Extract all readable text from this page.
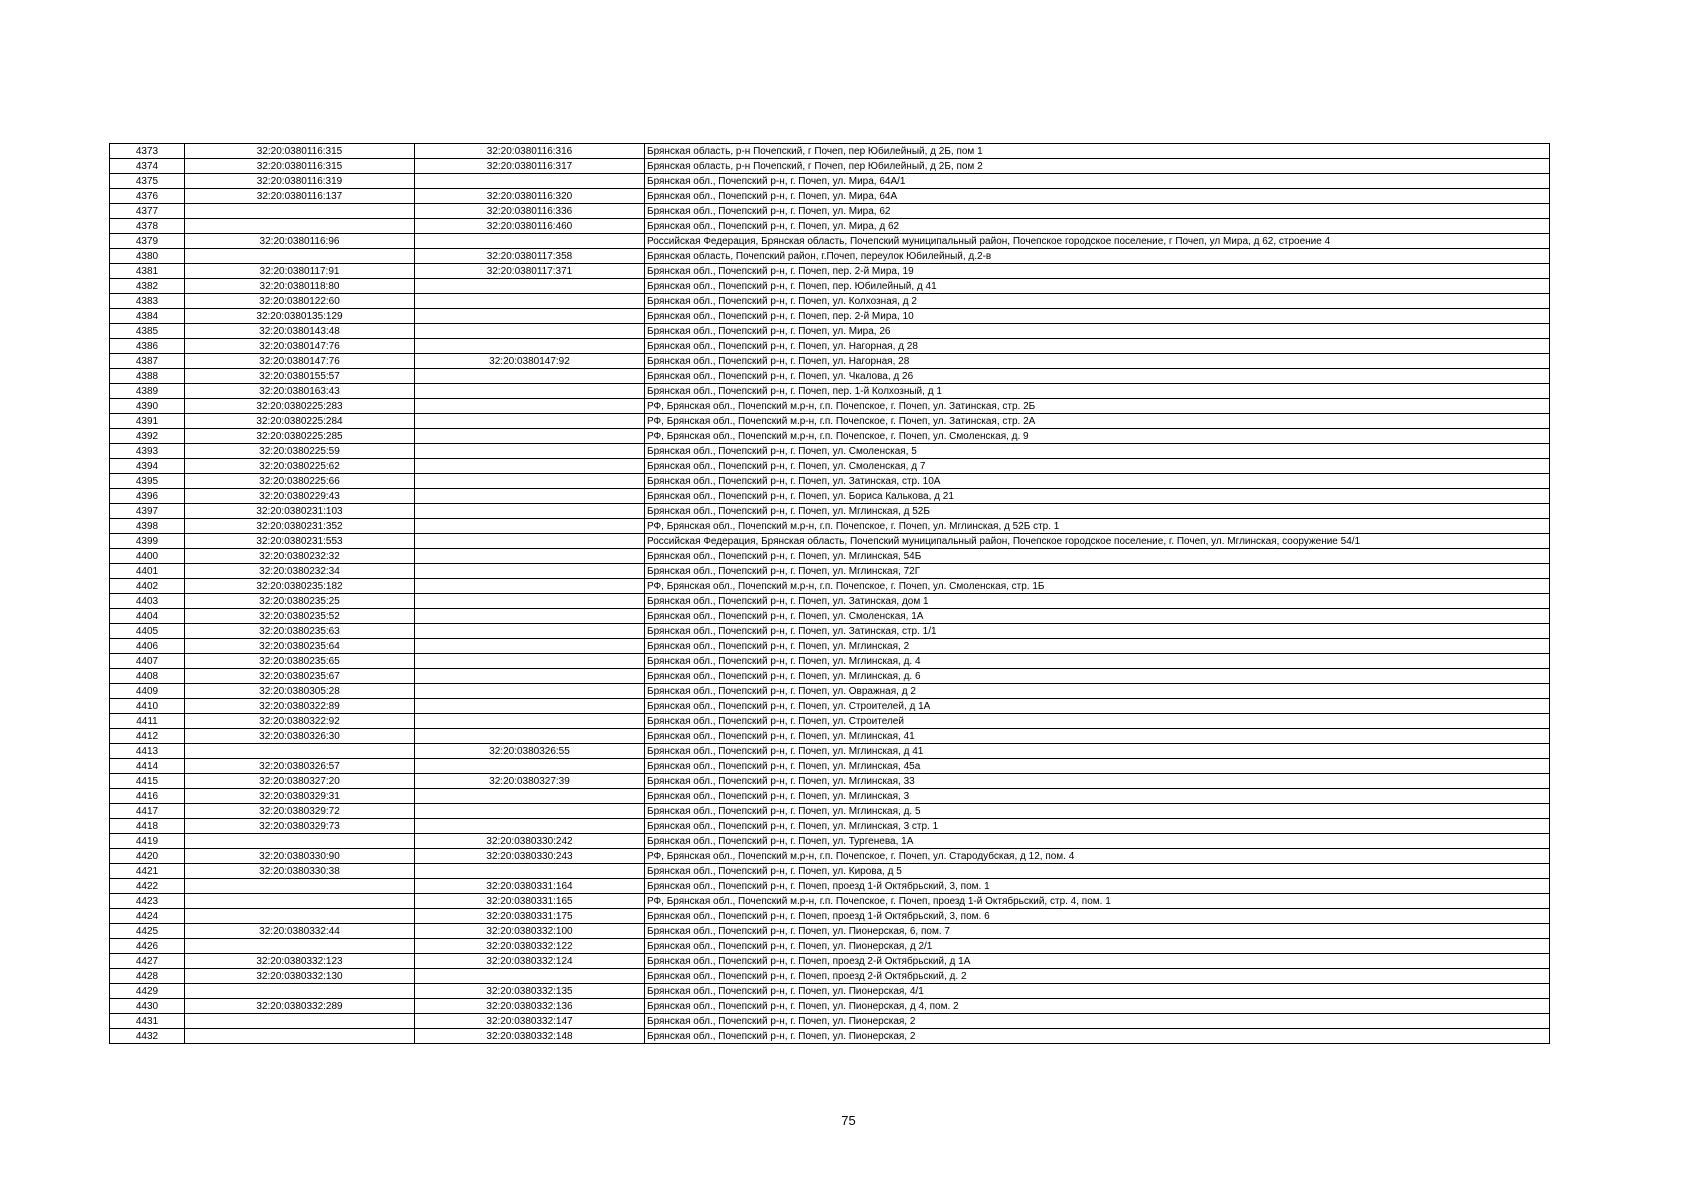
4373	32:20:0380116:315	32:20:0380116:316	Брянская область, р-н Почепский, г Почеп, пер Юбилейный, д 2Б, пом 1
4374	32:20:0380116:315	32:20:0380116:317	Брянская область, р-н Почепский, г Почеп, пер Юбилейный, д 2Б, пом 2
4375	32:20:0380116:319		Брянская обл., Почепский р-н, г. Почеп, ул. Мира, 64А/1
4376	32:20:0380116:137	32:20:0380116:320	Брянская обл., Почепский р-н, г. Почеп, ул. Мира, 64А
4377		32:20:0380116:336	Брянская обл., Почепский р-н, г. Почеп, ул. Мира, 62
4378		32:20:0380116:460	Брянская обл., Почепский р-н, г. Почеп, ул. Мира, д 62
4379	32:20:0380116:96		Российская Федерация, Брянская область, Почепский муниципальный район, Почепское городское поселение, г Почеп, ул Мира, д 62, строение 4
4380		32:20:0380117:358	Брянская область, Почепский район, г.Почеп, переулок Юбилейный, д.2-в
4381	32:20:0380117:91	32:20:0380117:371	Брянская обл., Почепский р-н, г. Почеп, пер. 2-й Мира, 19
4382	32:20:0380118:80		Брянская обл., Почепский р-н, г. Почеп, пер. Юбилейный, д 41
4383	32:20:0380122:60		Брянская обл., Почепский р-н, г. Почеп, ул. Колхозная, д 2
4384	32:20:0380135:129		Брянская обл., Почепский р-н, г. Почеп, пер. 2-й Мира, 10
4385	32:20:0380143:48		Брянская обл., Почепский р-н, г. Почеп, ул. Мира, 26
4386	32:20:0380147:76		Брянская обл., Почепский р-н, г. Почеп, ул. Нагорная, д 28
4387	32:20:0380147:76	32:20:0380147:92	Брянская обл., Почепский р-н, г. Почеп, ул. Нагорная, 28
4388	32:20:0380155:57		Брянская обл., Почепский р-н, г. Почеп, ул. Чкалова, д 26
4389	32:20:0380163:43		Брянская обл., Почепский р-н, г. Почеп, пер. 1-й Колхозный, д 1
4390	32:20:0380225:283		РФ, Брянская обл., Почепский м.р-н, г.п. Почепское, г. Почеп, ул. Затинская, стр. 2Б
4391	32:20:0380225:284		РФ, Брянская обл., Почепский м.р-н, г.п. Почепское, г. Почеп, ул. Затинская, стр. 2А
4392	32:20:0380225:285		РФ, Брянская обл., Почепский м.р-н, г.п. Почепское, г. Почеп, ул. Смоленская, д. 9
4393	32:20:0380225:59		Брянская обл., Почепский р-н, г. Почеп, ул. Смоленская, 5
4394	32:20:0380225:62		Брянская обл., Почепский р-н, г. Почеп, ул. Смоленская, д 7
4395	32:20:0380225:66		Брянская обл., Почепский р-н, г. Почеп, ул. Затинская, стр. 10А
4396	32:20:0380229:43		Брянская обл., Почепский р-н, г. Почеп, ул. Бориса Калькова, д 21
4397	32:20:0380231:103		Брянская обл., Почепский р-н, г. Почеп, ул. Мглинская, д 52Б
4398	32:20:0380231:352		РФ, Брянская обл., Почепский м.р-н, г.п. Почепское, г. Почеп, ул. Мглинская, д 52Б стр. 1
4399	32:20:0380231:553		Российская Федерация, Брянская область, Почепский муниципальный район, Почепское городское поселение, г. Почеп, ул. Мглинская, сооружение 54/1
4400	32:20:0380232:32		Брянская обл., Почепский р-н, г. Почеп, ул. Мглинская, 54Б
4401	32:20:0380232:34		Брянская обл., Почепский р-н, г. Почеп, ул. Мглинская, 72Г
4402	32:20:0380235:182		РФ, Брянская обл., Почепский м.р-н, г.п. Почепское, г. Почеп, ул. Смоленская, стр. 1Б
4403	32:20:0380235:25		Брянская обл., Почепский р-н, г. Почеп, ул. Затинская, дом 1
4404	32:20:0380235:52		Брянская обл., Почепский р-н, г. Почеп, ул. Смоленская, 1А
4405	32:20:0380235:63		Брянская обл., Почепский р-н, г. Почеп, ул. Затинская, стр. 1/1
4406	32:20:0380235:64		Брянская обл., Почепский р-н, г. Почеп, ул. Мглинская, 2
4407	32:20:0380235:65		Брянская обл., Почепский р-н, г. Почеп, ул. Мглинская, д. 4
4408	32:20:0380235:67		Брянская обл., Почепский р-н, г. Почеп, ул. Мглинская, д. 6
4409	32:20:0380305:28		Брянская обл., Почепский р-н, г. Почеп, ул. Овражная, д 2
4410	32:20:0380322:89		Брянская обл., Почепский р-н, г. Почеп, ул. Строителей, д 1А
4411	32:20:0380322:92		Брянская обл., Почепский р-н, г. Почеп, ул. Строителей
4412	32:20:0380326:30		Брянская обл., Почепский р-н, г. Почеп, ул. Мглинская, 41
4413		32:20:0380326:55	Брянская обл., Почепский р-н, г. Почеп, ул. Мглинская, д 41
4414	32:20:0380326:57		Брянская обл., Почепский р-н, г. Почеп, ул. Мглинская, 45а
4415	32:20:0380327:20	32:20:0380327:39	Брянская обл., Почепский р-н, г. Почеп, ул. Мглинская, 33
4416	32:20:0380329:31		Брянская обл., Почепский р-н, г. Почеп, ул. Мглинская, 3
4417	32:20:0380329:72		Брянская обл., Почепский р-н, г. Почеп, ул. Мглинская, д. 5
4418	32:20:0380329:73		Брянская обл., Почепский р-н, г. Почеп, ул. Мглинская, 3 стр. 1
4419		32:20:0380330:242	Брянская обл., Почепский р-н, г. Почеп, ул. Тургенева, 1А
4420	32:20:0380330:90	32:20:0380330:243	РФ, Брянская обл., Почепский м.р-н, г.п. Почепское, г. Почеп, ул. Стародубская, д 12, пом. 4
4421	32:20:0380330:38		Брянская обл., Почепский р-н, г. Почеп, ул. Кирова, д 5
4422		32:20:0380331:164	Брянская обл., Почепский р-н, г. Почеп, проезд 1-й Октябрьский, 3, пом. 1
4423		32:20:0380331:165	РФ, Брянская обл., Почепский м.р-н, г.п. Почепское, г. Почеп, проезд 1-й Октябрьский, стр. 4, пом. 1
4424		32:20:0380331:175	Брянская обл., Почепский р-н, г. Почеп, проезд 1-й Октябрьский, 3, пом. 6
4425	32:20:0380332:44	32:20:0380332:100	Брянская обл., Почепский р-н, г. Почеп, ул. Пионерская, 6, пом. 7
4426		32:20:0380332:122	Брянская обл., Почепский р-н, г. Почеп, ул. Пионерская, д 2/1
4427	32:20:0380332:123	32:20:0380332:124	Брянская обл., Почепский р-н, г. Почеп, проезд 2-й Октябрьский, д 1А
4428	32:20:0380332:130		Брянская обл., Почепский р-н, г. Почеп, проезд 2-й Октябрьский, д. 2
4429		32:20:0380332:135	Брянская обл., Почепский р-н, г. Почеп, ул. Пионерская, 4/1
4430	32:20:0380332:289	32:20:0380332:136	Брянская обл., Почепский р-н, г. Почеп, ул. Пионерская, д 4, пом. 2
4431		32:20:0380332:147	Брянская обл., Почепский р-н, г. Почеп, ул. Пионерская, 2
4432		32:20:0380332:148	Брянская обл., Почепский р-н, г. Почеп, ул. Пионерская, 2
75
